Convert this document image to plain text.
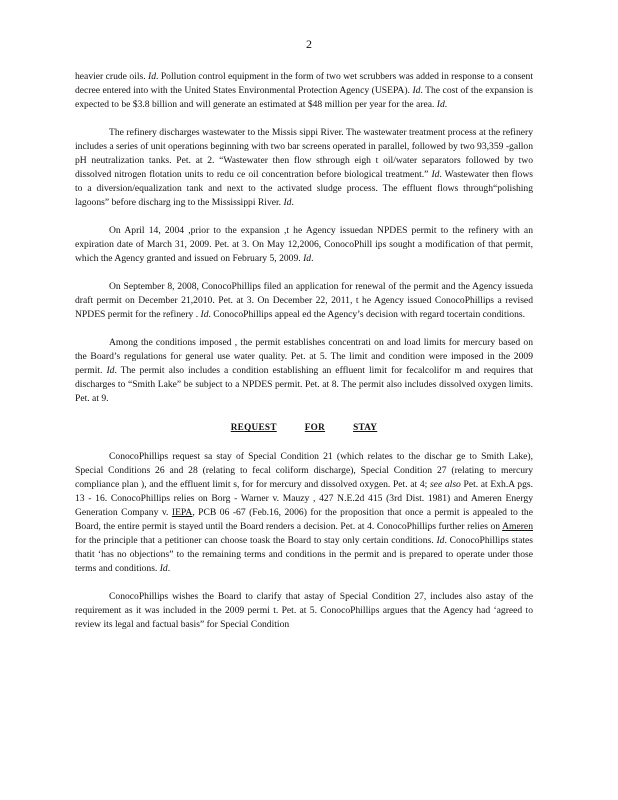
2

heavier crude oils. Id. Pollution control equipment in the form of two wet scrubbers was added in response to a consent decree entered into with the United States Environmental Protection Agency (USEPA). Id. The cost of the expansion is expected to be $3.8 billion and will generate an estimated at $48 million per year for the area. Id.

The refinery discharges wastewater to the Missis sippi River. The wastewater treatment process at the refinery includes a series of unit operations beginning with two bar screens operated in parallel, followed by two 93,359 -gallon pH neutralization tanks. Pet. at 2. “Wastewater then flow sthrough eigh t oil/water separators followed by two dissolved nitrogen flotation units to redu ce oil concentration before biological treatment.” Id. Wastewater then flows to a diversion/equalization tank and next to the activated sludge process. The effluent flows through“polishing lagoons” before discharg ing to the Mississippi River. Id.

On April 14, 2004 ,prior to the expansion ,t he Agency issuedan NPDES permit to the refinery with an expiration date of March 31, 2009. Pet. at 3. On May 12,2006, ConocoPhill ips sought a modification of that permit, which the Agency granted and issued on February 5, 2009. Id.

On September 8, 2008, ConocoPhillips filed an application for renewal of the permit and the Agency issueda draft permit on December 21,2010. Pet. at 3. On December 22, 2011, t he Agency issued ConocoPhillips a revised NPDES permit for the refinery . Id. ConocoPhillips appeal ed the Agency’s decision with regard tocertain conditions.

Among the conditions imposed , the permit establishes concentrati on and load limits for mercury based on the Board’s regulations for general use water quality. Pet. at 5. The limit and condition were imposed in the 2009 permit. Id. The permit also includes a condition establishing an effluent limit for fecalcolifor m and requires that discharges to “Smith Lake” be subject to a NPDES permit. Pet. at 8. The permit also includes dissolved oxygen limits. Pet. at 9.

REQUEST	FOR	STAY

ConocoPhillips request sa stay of Special Condition 21 (which relates to the dischar ge to Smith Lake), Special Conditions 26 and 28 (relating to fecal coliform discharge), Special Condition 27 (relating to mercury compliance plan ), and the effluent limit s, for for mercury and dissolved oxygen. Pet. at 4; see also Pet. at Exh.A pgs. 13 - 16. ConocoPhillips relies on Borg - Warner v. Mauzy , 427 N.E.2d 415 (3rd Dist. 1981) and Ameren Energy Generation Company v. IEPA, PCB 06 -67 (Feb.16, 2006) for the proposition that once a permit is appealed to the Board, the entire permit is stayed until the Board renders a decision. Pet. at 4. ConocoPhillips further relies on Ameren for the principle that a petitioner can choose toask the Board to stay only certain conditions. Id. ConocoPhillips states thatit ‘has no objections” to the remaining terms and conditions in the permit and is prepared to operate under those terms and conditions. Id.

ConocoPhillips wishes the Board to clarify that astay of Special Condition 27, includes also astay of the requirement as it was included in the 2009 permi t. Pet. at 5. ConocoPhillips argues that the Agency had ‘agreed to review its legal and factual basis” for Special Condition
